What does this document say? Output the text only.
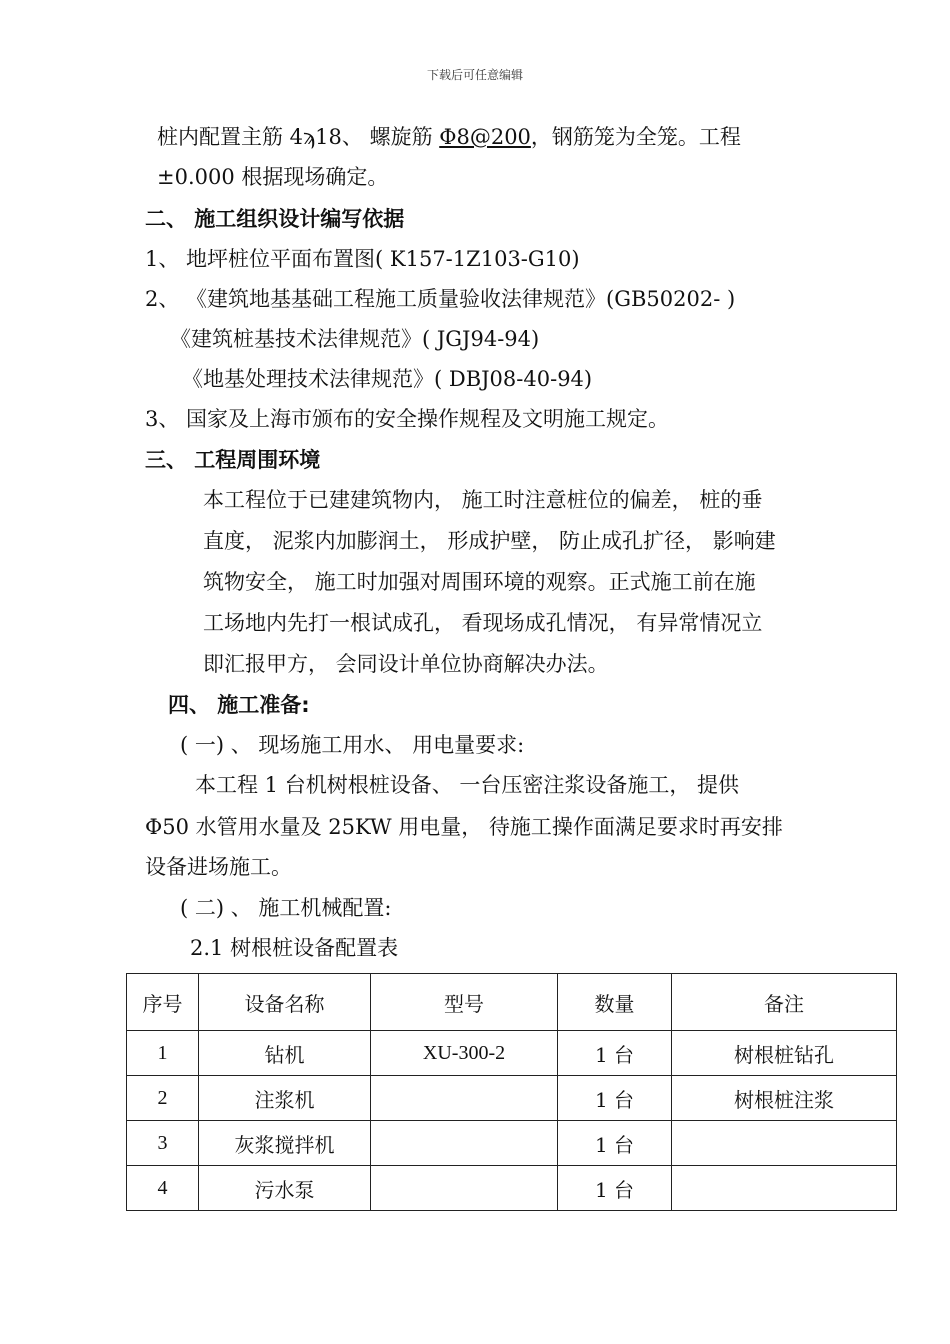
下载后可任意编辑
桩内配置主筋 4ϡ18、 螺旋筋 Φ8@200，钢筋笼为全笼。工程
±0.000 根据现场确定。
二、 施工组织设计编写依据
1、 地坪桩位平面布置图( K157-1Z103-G10)
2、 《建筑地基基础工程施工质量验收法律规范》(GB50202- )
《建筑桩基技术法律规范》( JGJ94-94)
《地基处理技术法律规范》( DBJ08-40-94)
3、 国家及上海市颁布的安全操作规程及文明施工规定。
三、 工程周围环境
本工程位于已建建筑物内， 施工时注意桩位的偏差， 桩的垂
直度， 泥浆内加膨润土， 形成护壁， 防止成孔扩径， 影响建
筑物安全， 施工时加强对周围环境的观察。正式施工前在施
工场地内先打一根试成孔， 看现场成孔情况， 有异常情况立
即汇报甲方， 会同设计单位协商解决办法。
四、 施工准备:
( 一) 、 现场施工用水、 用电量要求:
本工程 1 台机树根桩设备、 一台压密注浆设备施工， 提供
Φ50 水管用水量及 25KW 用电量， 待施工操作面满足要求时再安排
设备进场施工。
( 二) 、 施工机械配置:
2.1 树根桩设备配置表
序号	设备名称	型号	数量	备注
1	钻机	XU-300-2	1 台	树根桩钻孔
2	注浆机		1 台	树根桩注浆
3	灰浆搅拌机		1 台	
4	污水泵		1 台	
